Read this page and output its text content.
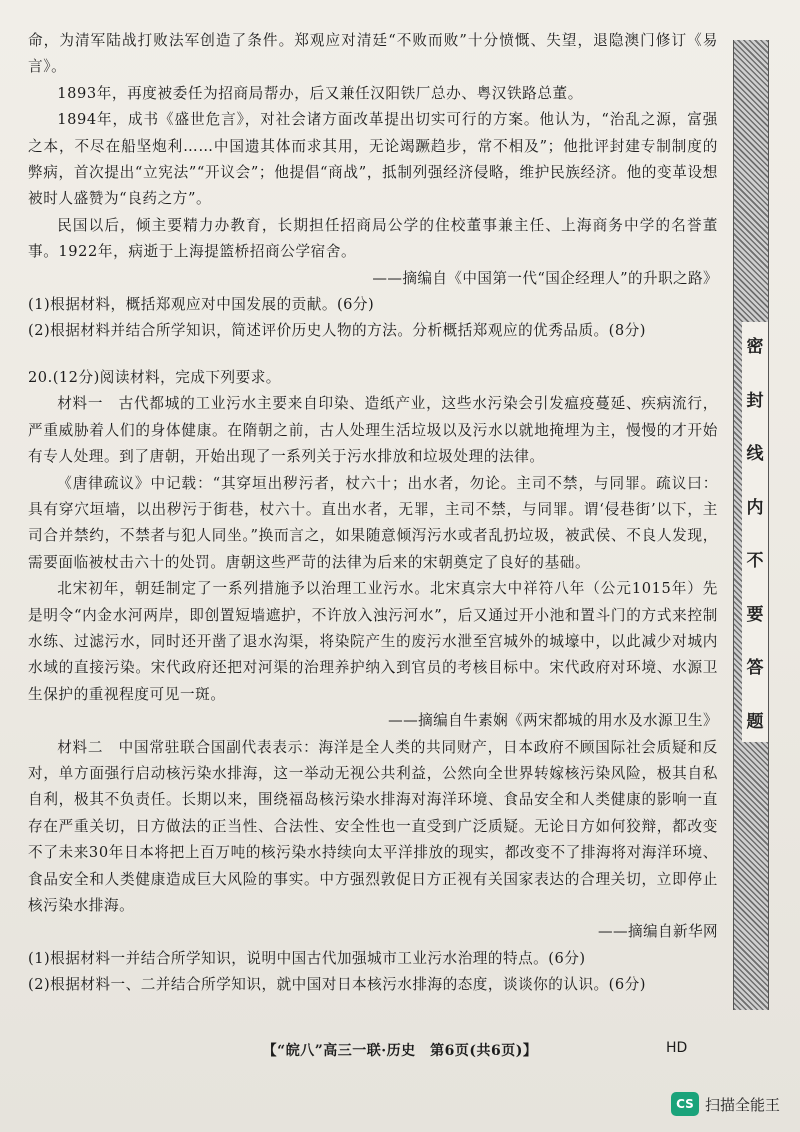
命，为清军陆战打败法军创造了条件。郑观应对清廷“不败而败”十分愤慨、失望，退隐澳门修订《易言》。

1893年，再度被委任为招商局帮办，后又兼任汉阳铁厂总办、粤汉铁路总董。

1894年，成书《盛世危言》，对社会诸方面改革提出切实可行的方案。他认为，“治乱之源，富强之本，不尽在船坚炮利……中国遗其体而求其用，无论竭蹶趋步，常不相及”；他批评封建专制制度的弊病，首次提出“立宪法”“开议会”；他提倡“商战”，抵制列强经济侵略，维护民族经济。他的变革设想被时人盛赞为“良药之方”。

民国以后，倾主要精力办教育，长期担任招商局公学的住校董事兼主任、上海商务中学的名誉董事。1922年，病逝于上海提篮桥招商公学宿舍。

——摘编自《中国第一代“国企经理人”的升职之路》
(1)根据材料，概括郑观应对中国发展的贡献。(6分)
(2)根据材料并结合所学知识，简述评价历史人物的方法。分析概括郑观应的优秀品质。(8分)
20.(12分)阅读材料，完成下列要求。

材料一　古代都城的工业污水主要来自印染、造纸产业，这些水污染会引发瘟疫蔓延、疾病流行，严重威胁着人们的身体健康。在隋朝之前，古人处理生活垃圾以及污水以就地掩埋为主，慢慢的才开始有专人处理。到了唐朝，开始出现了一系列关于污水排放和垃圾处理的法律。

《唐律疏议》中记载：“其穿垣出秽污者，杖六十；出水者，勿论。主司不禁，与同罪。疏议曰：具有穿穴垣墙，以出秽污于街巷，杖六十。直出水者，无罪，主司不禁，与同罪。谓‘侵巷街’以下，主司合并禁约，不禁者与犯人同坐。”换而言之，如果随意倾泻污水或者乱扔垃圾，被武侯、不良人发现，需要面临被杖击六十的处罚。唐朝这些严苛的法律为后来的宋朝奠定了良好的基础。

北宋初年，朝廷制定了一系列措施予以治理工业污水。北宋真宗大中祥符八年（公元1015年）先是明令“内金水河两岸，即创置短墙遮护，不许放入浊污河水”，后又通过开小池和置斗门的方式来控制水练、过滤污水，同时还开凿了退水沟渠，将染院产生的废污水泄至宫城外的城壕中，以此减少对城内水域的直接污染。宋代政府还把对河渠的治理养护纳入到官员的考核目标中。宋代政府对环境、水源卫生保护的重视程度可见一斑。

——摘编自牛素娴《两宋都城的用水及水源卫生》

材料二　中国常驻联合国副代表表示：海洋是全人类的共同财产，日本政府不顾国际社会质疑和反对，单方面强行启动核污染水排海，这一举动无视公共利益，公然向全世界转嫁核污染风险，极其自私自利，极其不负责任。长期以来，围绕福岛核污染水排海对海洋环境、食品安全和人类健康的影响一直存在严重关切，日方做法的正当性、合法性、安全性也一直受到广泛质疑。无论日方如何狡辩，都改变不了未来30年日本将把上百万吨的核污染水持续向太平洋排放的现实，都改变不了排海将对海洋环境、食品安全和人类健康造成巨大风险的事实。中方强烈敦促日方正视有关国家表达的合理关切，立即停止核污染水排海。

——摘编自新华网
(1)根据材料一并结合所学知识，说明中国古代加强城市工业污水治理的特点。(6分)
(2)根据材料一、二并结合所学知识，就中国对日本核污水排海的态度，谈谈你的认识。(6分)
密
封
线
内
不
要
答
题
【“皖八”高三一联·历史　第6页(共6页)】	HD
CS 扫描全能王
